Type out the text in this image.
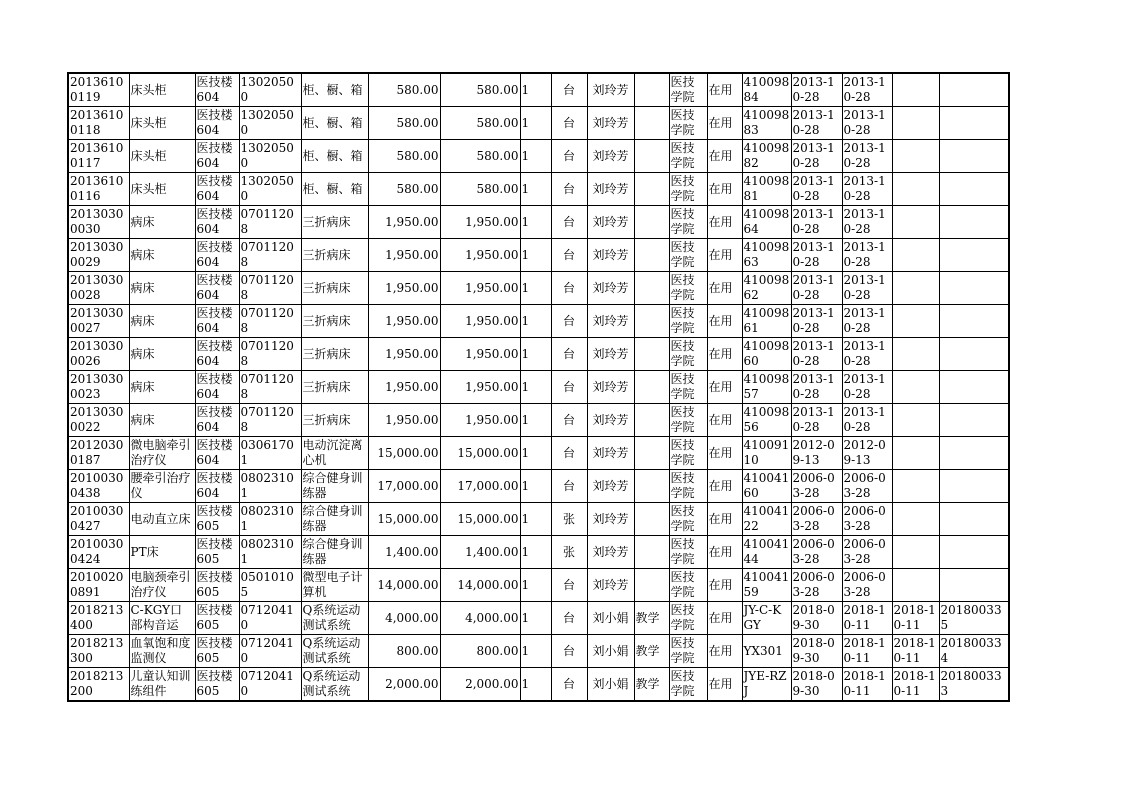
20136100119	床头柜	医技楼604	13020500	柜、橱、箱	580.00	580.00	1	台	刘玲芳		医技学院	在用	41009884	2013-10-28	2013-10-28		
20136100118	床头柜	医技楼604	13020500	柜、橱、箱	580.00	580.00	1	台	刘玲芳		医技学院	在用	41009883	2013-10-28	2013-10-28		
20136100117	床头柜	医技楼604	13020500	柜、橱、箱	580.00	580.00	1	台	刘玲芳		医技学院	在用	41009882	2013-10-28	2013-10-28		
20136100116	床头柜	医技楼604	13020500	柜、橱、箱	580.00	580.00	1	台	刘玲芳		医技学院	在用	41009881	2013-10-28	2013-10-28		
20130300030	病床	医技楼604	07011208	三折病床	1,950.00	1,950.00	1	台	刘玲芳		医技学院	在用	41009864	2013-10-28	2013-10-28		
20130300029	病床	医技楼604	07011208	三折病床	1,950.00	1,950.00	1	台	刘玲芳		医技学院	在用	41009863	2013-10-28	2013-10-28		
20130300028	病床	医技楼604	07011208	三折病床	1,950.00	1,950.00	1	台	刘玲芳		医技学院	在用	41009862	2013-10-28	2013-10-28		
20130300027	病床	医技楼604	07011208	三折病床	1,950.00	1,950.00	1	台	刘玲芳		医技学院	在用	41009861	2013-10-28	2013-10-28		
20130300026	病床	医技楼604	07011208	三折病床	1,950.00	1,950.00	1	台	刘玲芳		医技学院	在用	41009860	2013-10-28	2013-10-28		
20130300023	病床	医技楼604	07011208	三折病床	1,950.00	1,950.00	1	台	刘玲芳		医技学院	在用	41009857	2013-10-28	2013-10-28		
20130300022	病床	医技楼604	07011208	三折病床	1,950.00	1,950.00	1	台	刘玲芳		医技学院	在用	41009856	2013-10-28	2013-10-28		
20120300187	微电脑牵引治疗仪	医技楼604	03061701	电动沉淀离心机	15,000.00	15,000.00	1	台	刘玲芳		医技学院	在用	41009110	2012-09-13	2012-09-13		
20100300438	腰牵引治疗仪	医技楼604	08023101	综合健身训练器	17,000.00	17,000.00	1	台	刘玲芳		医技学院	在用	41004160	2006-03-28	2006-03-28		
20100300427	电动直立床	医技楼605	08023101	综合健身训练器	15,000.00	15,000.00	1	张	刘玲芳		医技学院	在用	41004122	2006-03-28	2006-03-28		
20100300424	PT床	医技楼605	08023101	综合健身训练器	1,400.00	1,400.00	1	张	刘玲芳		医技学院	在用	41004144	2006-03-28	2006-03-28		
20100200891	电脑颈牵引治疗仪	医技楼605	05010105	微型电子计算机	14,000.00	14,000.00	1	台	刘玲芳		医技学院	在用	41004159	2006-03-28	2006-03-28		
2018213400	C-KGY口部构音运	医技楼605	07120410	Q系统运动测试系统	4,000.00	4,000.00	1	台	刘小娟	教学	医技学院	在用	JY-C-KGY	2018-09-30	2018-10-11	2018-10-11	201800335
2018213300	血氧饱和度监测仪	医技楼605	07120410	Q系统运动测试系统	800.00	800.00	1	台	刘小娟	教学	医技学院	在用	YX301	2018-09-30	2018-10-11	2018-10-11	201800334
2018213200	儿童认知训练组件	医技楼605	07120410	Q系统运动测试系统	2,000.00	2,000.00	1	台	刘小娟	教学	医技学院	在用	JYE-RZJ	2018-09-30	2018-10-11	2018-10-11	201800333
